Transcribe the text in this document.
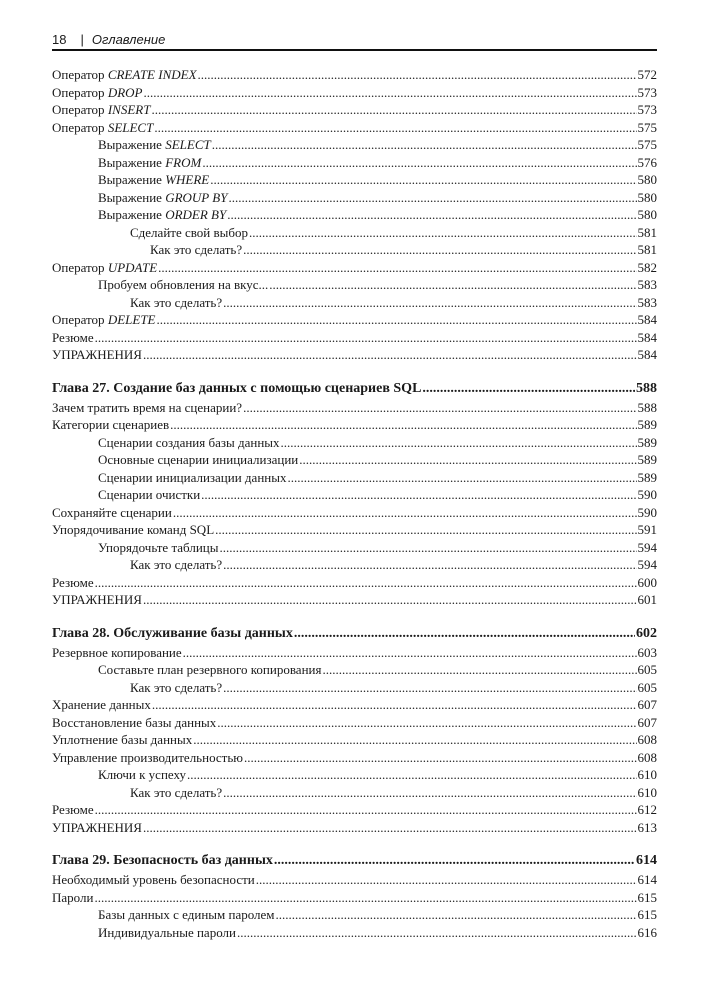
18 | Оглавление
Оператор CREATE INDEX .....	572
Оператор DROP .....	573
Оператор INSERT .....	573
Оператор SELECT .....	575
Выражение SELECT .....	575
Выражение FROM .....	576
Выражение WHERE .....	580
Выражение GROUP BY .....	580
Выражение ORDER BY .....	580
Сделайте свой выбор .....	581
Как это сделать? .....	581
Оператор UPDATE .....	582
Пробуем обновления на вкус... .....	583
Как это сделать? .....	583
Оператор DELETE .....	584
Резюме .....	584
УПРАЖНЕНИЯ .....	584
Глава 27. Создание баз данных с помощью сценариев SQL .....	588
Зачем тратить время на сценарии? .....	588
Категории сценариев .....	589
Сценарии создания базы данных .....	589
Основные сценарии инициализации .....	589
Сценарии инициализации данных .....	589
Сценарии очистки .....	590
Сохраняйте сценарии .....	590
Упорядочивание команд SQL .....	591
Упорядочьте таблицы .....	594
Как это сделать? .....	594
Резюме .....	600
УПРАЖНЕНИЯ .....	601
Глава 28. Обслуживание базы данных .....	602
Резервное копирование .....	603
Составьте план резервного копирования .....	605
Как это сделать? .....	605
Хранение данных .....	607
Восстановление базы данных .....	607
Уплотнение базы данных .....	608
Управление производительностью .....	608
Ключи к успеху .....	610
Как это сделать? .....	610
Резюме .....	612
УПРАЖНЕНИЯ .....	613
Глава 29. Безопасность баз данных .....	614
Необходимый уровень безопасности .....	614
Пароли .....	615
Базы данных с единым паролем .....	615
Индивидуальные пароли .....	616
